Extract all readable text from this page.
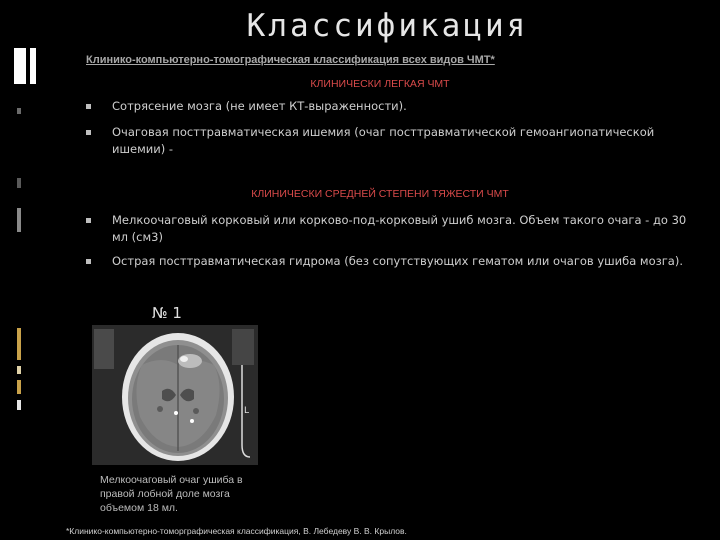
Классификация
Клинико-компьютерно-томографическая классификация всех видов ЧМТ*
КЛИНИЧЕСКИ ЛЕГКАЯ ЧМТ
Сотрясение мозга (не имеет КТ-выраженности).
Очаговая посттравматическая ишемия (очаг посттравматической гемоангиопатической ишемии) -
КЛИНИЧЕСКИ СРЕДНЕЙ СТЕПЕНИ ТЯЖЕСТИ ЧМТ
Мелкоочаговый корковый или корково-под-корковый ушиб мозга. Объем такого очага - до 30 мл (см3)
Острая посттравматическая гидрома (без сопутствующих гематом или очагов ушиба мозга).
№ 1
L
Мелкоочаговый очаг ушиба в правой лобной доле мозга объемом 18 мл.
*Клинико-компьютерно-томорграфическая классификация, В. Лебедеву В. В. Крылов.
